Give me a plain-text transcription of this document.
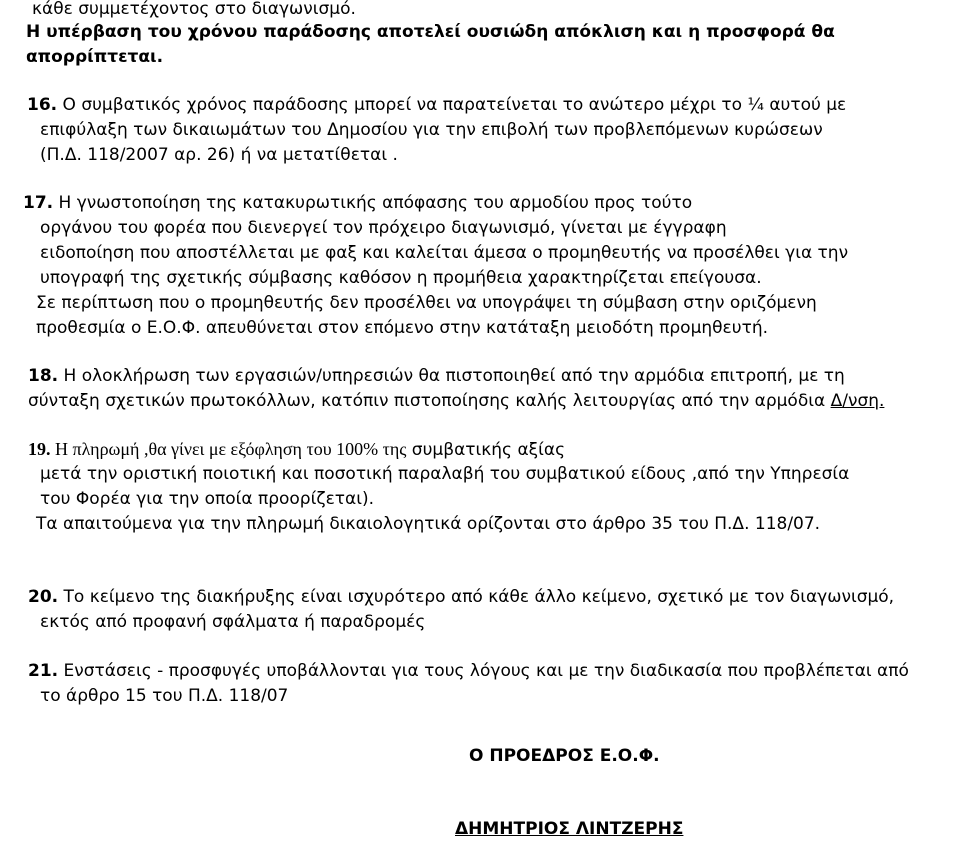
κάθε συμμετέχοντος στο διαγωνισμό.
Η υπέρβαση του χρόνου παράδοσης αποτελεί ουσιώδη απόκλιση και η προσφορά θα
απορρίπτεται.
16. Ο συμβατικός χρόνος παράδοσης μπορεί να παρατείνεται το ανώτερο μέχρι το ¼ αυτού με
επιφύλαξη των δικαιωμάτων του Δημοσίου για την επιβολή των προβλεπόμενων κυρώσεων
(Π.Δ. 118/2007 αρ. 26) ή να μετατίθεται .
17. Η γνωστοποίηση της κατακυρωτικής απόφασης του αρμοδίου προς τούτο
οργάνου του φορέα που διενεργεί τον πρόχειρο διαγωνισμό, γίνεται με έγγραφη
ειδοποίηση που αποστέλλεται με φαξ και καλείται άμεσα ο προμηθευτής να προσέλθει για την
υπογραφή της σχετικής σύμβασης καθόσον η προμήθεια χαρακτηρίζεται επείγουσα.
Σε περίπτωση που ο προμηθευτής δεν προσέλθει να υπογράψει τη σύμβαση στην οριζόμενη
προθεσμία ο Ε.Ο.Φ. απευθύνεται στον επόμενο στην κατάταξη μειοδότη προμηθευτή.
18. Η ολοκλήρωση των εργασιών/υπηρεσιών θα πιστοποιηθεί από την αρμόδια επιτροπή, με τη
σύνταξη σχετικών πρωτοκόλλων, κατόπιν πιστοποίησης καλής λειτουργίας από την αρμόδια Δ/νση.
19. Η πληρωμή ,θα γίνει με εξόφληση του 100% της συμβατικής αξίας
μετά την οριστική ποιοτική και ποσοτική παραλαβή του συμβατικού είδους ,από την Υπηρεσία
του Φορέα για την οποία προορίζεται).
Τα απαιτούμενα για την πληρωμή δικαιολογητικά ορίζονται στο άρθρο 35 του Π.Δ. 118/07.
20. Το κείμενο της διακήρυξης είναι ισχυρότερο από κάθε άλλο κείμενο, σχετικό με τον διαγωνισμό,
εκτός από προφανή σφάλματα ή παραδρομές
21. Ενστάσεις - προσφυγές υποβάλλονται για τους λόγους και με την διαδικασία που προβλέπεται από
το άρθρο 15 του Π.Δ. 118/07
Ο ΠΡΟΕΔΡΟΣ Ε.Ο.Φ.
ΔΗΜΗΤΡΙΟΣ ΛΙΝΤΖΕΡΗΣ
